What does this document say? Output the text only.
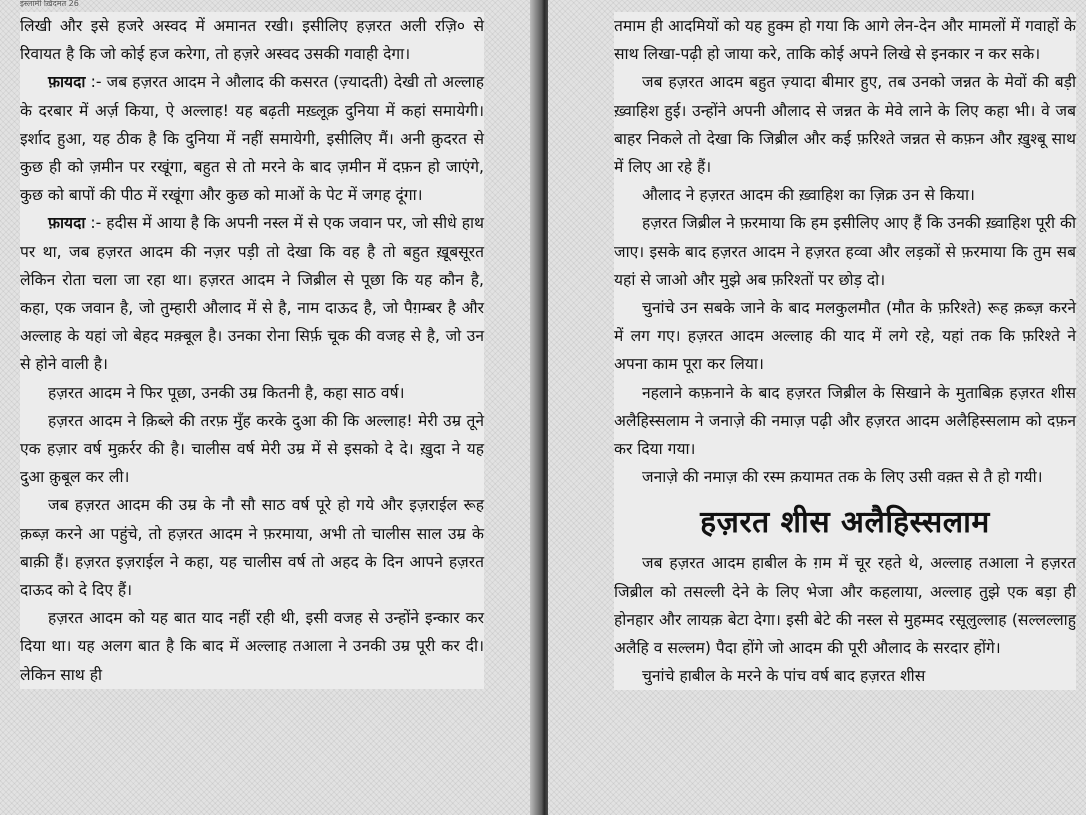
इस्लामी ख़िदमत 26

लिखी और इसे हजरे अस्वद में अमानत रखी। इसीलिए हज़रत अली रज़ि० से रिवायत है कि जो कोई हज करेगा, तो हज़रे अस्वद उसकी गवाही देगा।

फ़ायदा :- जब हज़रत आदम ने औलाद की कसरत (ज़्यादती) देखी तो अल्लाह के दरबार में अर्ज़ किया, ऐ अल्लाह! यह बढ़ती मख़्लूक़ दुनिया में कहां समायेगी। इर्शाद हुआ, यह ठीक है कि दुनिया में नहीं समायेगी, इसीलिए मैं। अनी क़ुदरत से कुछ ही को ज़मीन पर रखूंगा, बहुत से तो मरने के बाद ज़मीन में दफ़न हो जाएंगे, कुछ को बापों की पीठ में रखूंगा और कुछ को माओं के पेट में जगह दूंगा।

फ़ायदा :- हदीस में आया है कि अपनी नस्ल में से एक जवान पर, जो सीधे हाथ पर था, जब हज़रत आदम की नज़र पड़ी तो देखा कि वह है तो बहुत ख़ूबसूरत लेकिन रोता चला जा रहा था। हज़रत आदम ने जिब्रील से पूछा कि यह कौन है, कहा, एक जवान है, जो तुम्हारी औलाद में से है, नाम दाऊद है, जो पैग़म्बर है और अल्लाह के यहां जो बेहद मक़्बूल है। उनका रोना सिर्फ़ चूक की वजह से है, जो उन से होने वाली है।

हज़रत आदम ने फिर पूछा, उनकी उम्र कितनी है, कहा साठ वर्ष।

हज़रत आदम ने क़िब्ले की तरफ़ मुँह करके दुआ की कि अल्लाह! मेरी उम्र तूने एक हज़ार वर्ष मुक़र्रर की है। चालीस वर्ष मेरी उम्र में से इसको दे दे। ख़ुदा ने यह दुआ क़ुबूल कर ली।

जब हज़रत आदम की उम्र के नौ सौ साठ वर्ष पूरे हो गये और इज़राईल रूह क़ब्ज़ करने आ पहुंचे, तो हज़रत आदम ने फ़रमाया, अभी तो चालीस साल उम्र के बाक़ी हैं। हज़रत इज़राईल ने कहा, यह चालीस वर्ष तो अहद के दिन आपने हज़रत दाऊद को दे दिए हैं।

हज़रत आदम को यह बात याद नहीं रही थी, इसी वजह से उन्होंने इन्कार कर दिया था। यह अलग बात है कि बाद में अल्लाह तआला ने उनकी उम्र पूरी कर दी। लेकिन साथ ही

तमाम ही आदमियों को यह हुक्म हो गया कि आगे लेन-देन और मामलों में गवाहों के साथ लिखा-पढ़ी हो जाया करे, ताकि कोई अपने लिखे से इनकार न कर सके।

जब हज़रत आदम बहुत ज़्यादा बीमार हुए, तब उनको जन्नत के मेवों की बड़ी ख़्वाहिश हुई। उन्होंने अपनी औलाद से जन्नत के मेवे लाने के लिए कहा भी। वे जब बाहर निकले तो देखा कि जिब्रील और कई फ़रिश्ते जन्नत से कफ़न और ख़ुश्बू साथ में लिए आ रहे हैं।

औलाद ने हज़रत आदम की ख़्वाहिश का ज़िक्र उन से किया।

हज़रत जिब्रील ने फ़रमाया कि हम इसीलिए आए हैं कि उनकी ख़्वाहिश पूरी की जाए। इसके बाद हज़रत आदम ने हज़रत हव्वा और लड़कों से फ़रमाया कि तुम सब यहां से जाओ और मुझे अब फ़रिश्तों पर छोड़ दो।

चुनांचे उन सबके जाने के बाद मलकुलमौत (मौत के फ़रिश्ते) रूह क़ब्ज़ करने में लग गए। हज़रत आदम अल्लाह की याद में लगे रहे, यहां तक कि फ़रिश्ते ने अपना काम पूरा कर लिया।

नहलाने कफ़नाने के बाद हज़रत जिब्रील के सिखाने के मुताबिक़ हज़रत शीस अलैहिस्सलाम ने जनाज़े की नमाज़ पढ़ी और हज़रत आदम अलैहिस्सलाम को दफ़न कर दिया गया।

जनाज़े की नमाज़ की रस्म क़यामत तक के लिए उसी वक़्त से तै हो गयी।

हज़रत शीस अलैहिस्सलाम

जब हज़रत आदम हाबील के ग़म में चूर रहते थे, अल्लाह तआला ने हज़रत जिब्रील को तसल्ली देने के लिए भेजा और कहलाया, अल्लाह तुझे एक बड़ा ही होनहार और लायक़ बेटा देगा। इसी बेटे की नस्ल से मुहम्मद रसूलुल्लाह (सल्लल्लाहु अलैहि व सल्लम) पैदा होंगे जो आदम की पूरी औलाद के सरदार होंगे।

चुनांचे हाबील के मरने के पांच वर्ष बाद हज़रत शीस
